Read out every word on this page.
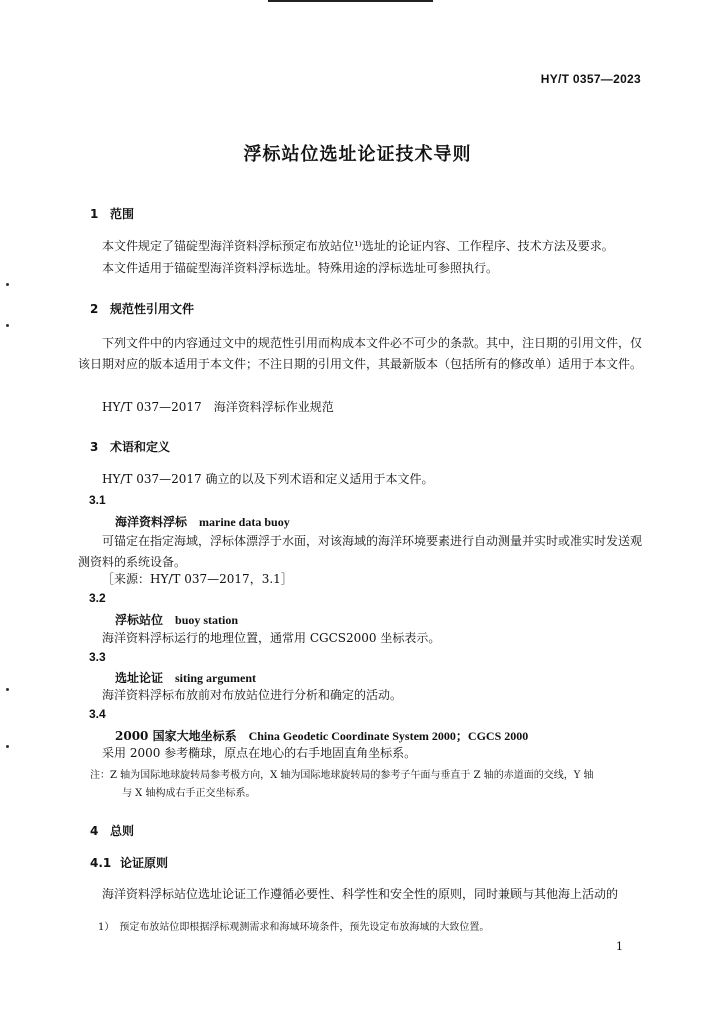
HY/T 0357—2023
浮标站位选址论证技术导则
1 范围
本文件规定了锚碇型海洋资料浮标预定布放站位¹⁾选址的论证内容、工作程序、技术方法及要求。
本文件适用于锚碇型海洋资料浮标选址。特殊用途的浮标选址可参照执行。
2 规范性引用文件
下列文件中的内容通过文中的规范性引用而构成本文件必不可少的条款。其中，注日期的引用文件，仅该日期对应的版本适用于本文件；不注日期的引用文件，其最新版本（包括所有的修改单）适用于本文件。
HY/T 037—2017　海洋资料浮标作业规范
3 术语和定义
HY/T 037—2017 确立的以及下列术语和定义适用于本文件。
3.1
海洋资料浮标 marine data buoy
可锚定在指定海域，浮标体漂浮于水面，对该海域的海洋环境要素进行自动测量并实时或准实时发送观测资料的系统设备。
［来源：HY/T 037—2017，3.1］
3.2
浮标站位 buoy station
海洋资料浮标运行的地理位置，通常用 CGCS2000 坐标表示。
3.3
选址论证 siting argument
海洋资料浮标布放前对布放站位进行分析和确定的活动。
3.4
2000 国家大地坐标系 China Geodetic Coordinate System 2000；CGCS 2000
采用 2000 参考椭球，原点在地心的右手地固直角坐标系。
注：Z 轴为国际地球旋转局参考极方向，X 轴为国际地球旋转局的参考子午面与垂直于 Z 轴的赤道面的交线，Y 轴
与 X 轴构成右手正交坐标系。
4 总则
4.1 论证原则
海洋资料浮标站位选址论证工作遵循必要性、科学性和安全性的原则，同时兼顾与其他海上活动的
1）　预定布放站位即根据浮标观测需求和海域环境条件，预先设定布放海域的大致位置。
1
